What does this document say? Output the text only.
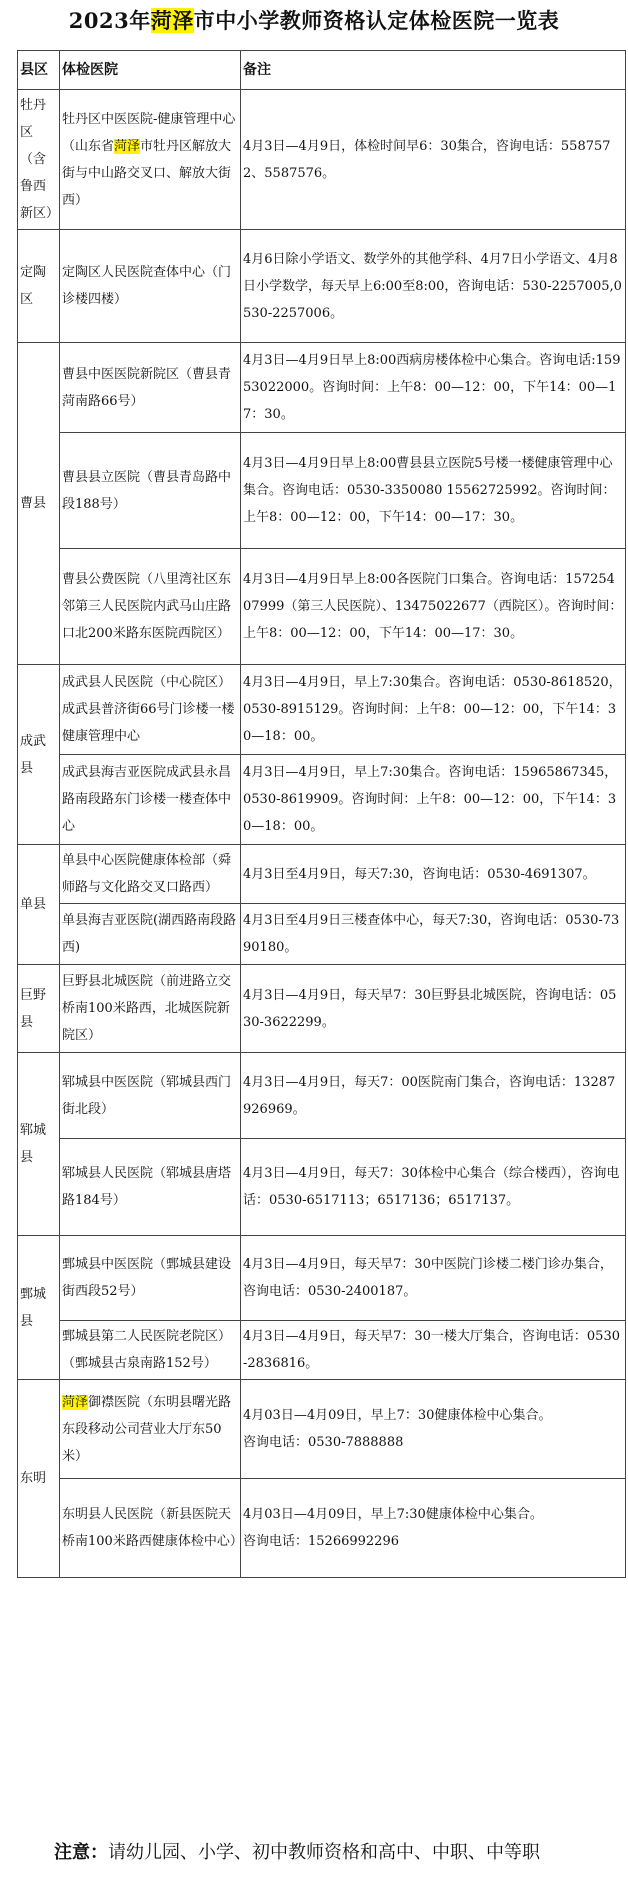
2023年菏泽市中小学教师资格认定体检医院一览表
县区	体检医院	备注
牡丹区（含鲁西新区）	牡丹区中医医院-健康管理中心（山东省菏泽市牡丹区解放大街与中山路交叉口、解放大街西）	4月3日—4月9日，体检时间早6：30集合，咨询电话：5587572、5587576。

定陶区	定陶区人民医院查体中心（门诊楼四楼）	4月6日除小学语文、数学外的其他学科、4月7日小学语文、4月8日小学数学，每天早上6:00至8:00，咨询电话：530-2257005,0530-2257006。

曹县	曹县中医医院新院区（曹县青菏南路66号）	4月3日—4月9日早上8:00西病房楼体检中心集合。咨询电话:15953022000。咨询时间：上午8：00—12：00，下午14：00—17：30。

	曹县县立医院（曹县青岛路中段188号）	4月3日—4月9日早上8:00曹县县立医院5号楼一楼健康管理中心集合。咨询电话：0530-3350080 15562725992。咨询时间：上午8：00—12：00，下午14：00—17：30。

	曹县公费医院（八里湾社区东邻第三人民医院内武马山庄路口北200米路东医院西院区）	4月3日—4月9日早上8:00各医院门口集合。咨询电话：15725407999（第三人民医院）、13475022677（西院区）。咨询时间：上午8：00—12：00，下午14：00—17：30。

成武县	成武县人民医院（中心院区）成武县普济街66号门诊楼一楼健康管理中心	4月3日—4月9日，早上7:30集合。咨询电话：0530-8618520，0530-8915129。咨询时间：上午8：00—12：00，下午14：30—18：00。

	成武县海吉亚医院成武县永昌路南段路东门诊楼一楼查体中心	4月3日—4月9日，早上7:30集合。咨询电话：15965867345，0530-8619909。咨询时间：上午8：00—12：00，下午14：30—18：00。

单县	单县中心医院健康体检部（舜师路与文化路交叉口路西）	4月3日至4月9日，每天7:30，咨询电话：0530-4691307。

	单县海吉亚医院(湖西路南段路西)	4月3日至4月9日三楼查体中心，每天7:30，咨询电话：0530-7390180。

巨野县	巨野县北城医院（前进路立交桥南100米路西，北城医院新院区）	4月3日—4月9日，每天早7：30巨野县北城医院，咨询电话：0530-3622299。

郓城县	郓城县中医医院（郓城县西门街北段）	4月3日—4月9日，每天7：00医院南门集合，咨询电话：13287926969。

	郓城县人民医院（郓城县唐塔路184号）	4月3日—4月9日，每天7：30体检中心集合（综合楼西），咨询电话：0530-6517113；6517136；6517137。

鄄城县	鄄城县中医医院（鄄城县建设街西段52号）	4月3日—4月9日，每天早7：30中医院门诊楼二楼门诊办集合，咨询电话：0530-2400187。

	鄄城县第二人民医院老院区）（鄄城县古泉南路152号）	4月3日—4月9日，每天早7：30一楼大厅集合，咨询电话：0530-2836816。

东明	菏泽御襟医院（东明县曙光路东段移动公司营业大厅东50米）	4月03日—4月09日，早上7：30健康体检中心集合。
咨询电话：0530-7888888

	东明县人民医院（新县医院天桥南100米路西健康体检中心）	4月03日—4月09日，早上7:30健康体检中心集合。
咨询电话：15266992296
注意：请幼儿园、小学、初中教师资格和高中、中职、中等职
